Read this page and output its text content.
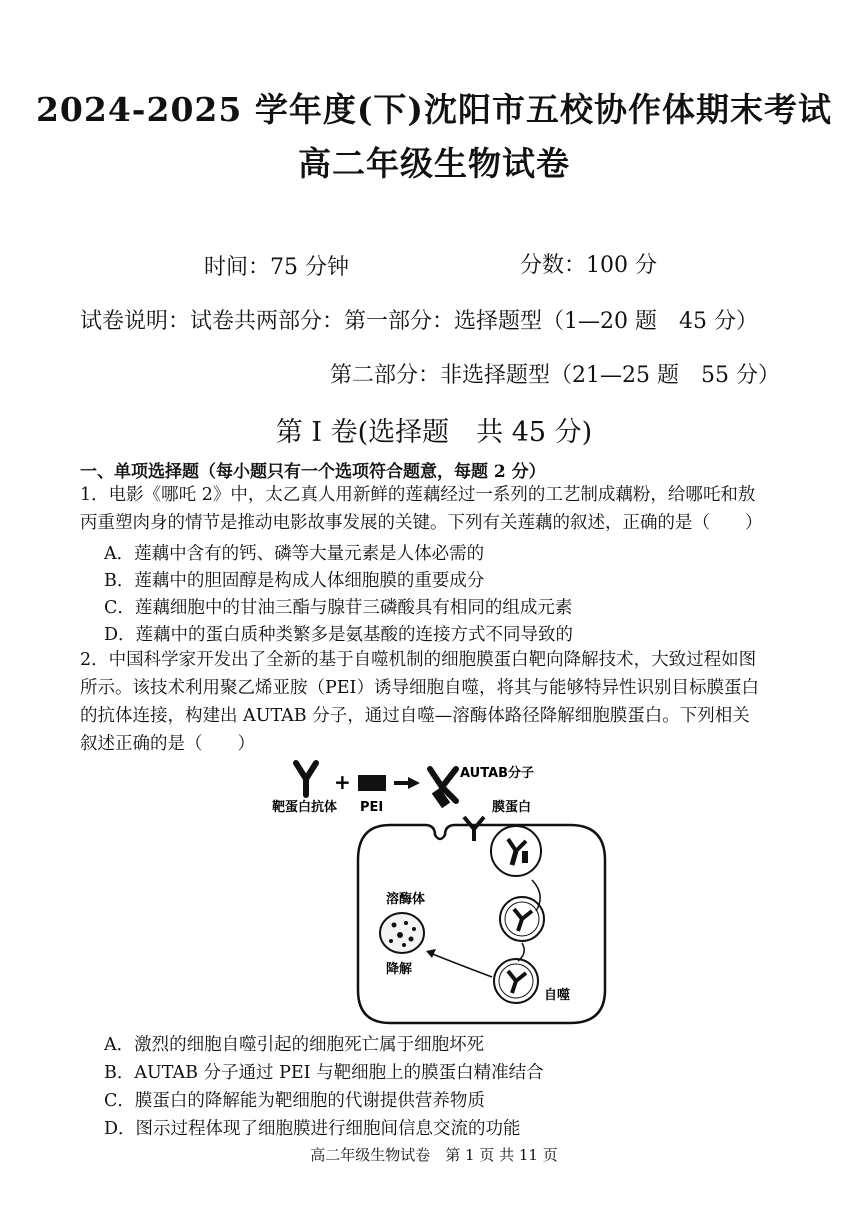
2024-2025 学年度(下)沈阳市五校协作体期末考试
高二年级生物试卷
时间：75 分钟	分数：100 分
试卷说明：试卷共两部分：第一部分：选择题型（1—20 题　45 分）
第二部分：非选择题型（21—25 题　55 分）
第 I 卷(选择题　共 45 分)
一、单项选择题（每小题只有一个选项符合题意，每题 2 分）
1．电影《哪吒 2》中，太乙真人用新鲜的莲藕经过一系列的工艺制成藕粉，给哪吒和敖
丙重塑肉身的情节是推动电影故事发展的关键。下列有关莲藕的叙述，正确的是（　　）
A．莲藕中含有的钙、磷等大量元素是人体必需的
B．莲藕中的胆固醇是构成人体细胞膜的重要成分
C．莲藕细胞中的甘油三酯与腺苷三磷酸具有相同的组成元素
D．莲藕中的蛋白质种类繁多是氨基酸的连接方式不同导致的
2．中国科学家开发出了全新的基于自噬机制的细胞膜蛋白靶向降解技术，大致过程如图
所示。该技术利用聚乙烯亚胺（PEI）诱导细胞自噬，将其与能够特异性识别目标膜蛋白
的抗体连接，构建出 AUTAB 分子，通过自噬—溶酶体路径降解细胞膜蛋白。下列相关
叙述正确的是（　　）
+	AUTAB分子
靶蛋白抗体 PEI	膜蛋白
自噬
溶酶体
降解
A．激烈的细胞自噬引起的细胞死亡属于细胞坏死
B．AUTAB 分子通过 PEI 与靶细胞上的膜蛋白精准结合
C．膜蛋白的降解能为靶细胞的代谢提供营养物质
D．图示过程体现了细胞膜进行细胞间信息交流的功能
高二年级生物试卷　第 1 页 共 11 页
